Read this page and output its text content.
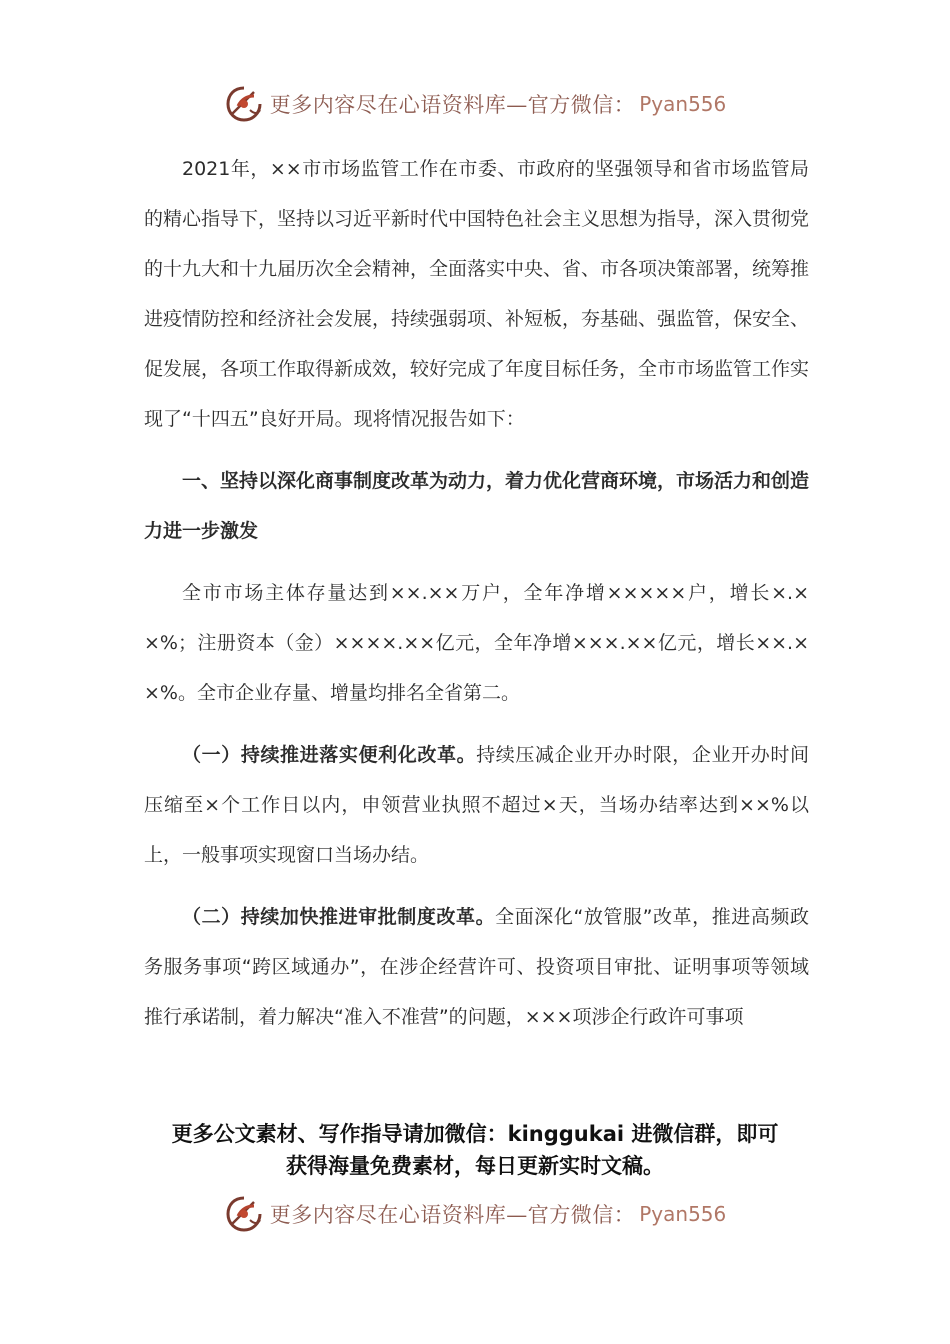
更多内容尽在心语资料库—官方微信： Pyan556

2021年，××市市场监管工作在市委、市政府的坚强领导和省市场监管局的精心指导下，坚持以习近平新时代中国特色社会主义思想为指导，深入贯彻党的十九大和十九届历次全会精神，全面落实中央、省、市各项决策部署，统筹推进疫情防控和经济社会发展，持续强弱项、补短板，夯基础、强监管，保安全、促发展，各项工作取得新成效，较好完成了年度目标任务，全市市场监管工作实现了“十四五”良好开局。现将情况报告如下：

一、坚持以深化商事制度改革为动力，着力优化营商环境，市场活力和创造力进一步激发

全市市场主体存量达到××.××万户，全年净增×××××户，增长×.××%；注册资本（金）××××.××亿元，全年净增×××.××亿元，增长××.××%。全市企业存量、增量均排名全省第二。

（一）持续推进落实便利化改革。持续压减企业开办时限，企业开办时间压缩至×个工作日以内，申领营业执照不超过×天，当场办结率达到××%以上，一般事项实现窗口当场办结。

（二）持续加快推进审批制度改革。全面深化“放管服”改革，推进高频政务服务事项“跨区域通办”，在涉企经营许可、投资项目审批、证明事项等领域推行承诺制，着力解决“准入不准营”的问题，×××项涉企行政许可事项

更多公文素材、写作指导请加微信：kinggukai 进微信群，即可
获得海量免费素材，每日更新实时文稿。
更多内容尽在心语资料库—官方微信： Pyan556
